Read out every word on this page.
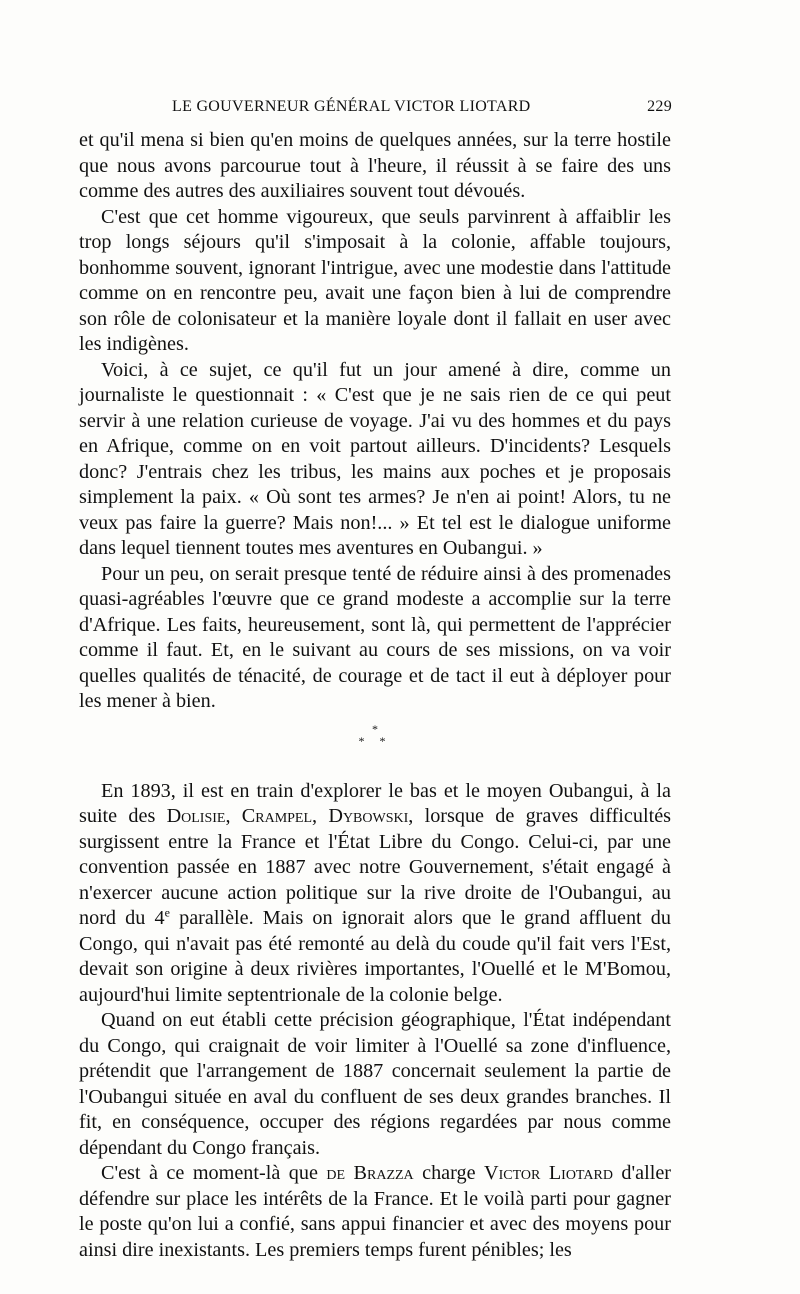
LE GOUVERNEUR GÉNÉRAL VICTOR LIOTARD	229

et qu'il mena si bien qu'en moins de quelques années, sur la terre hostile que nous avons parcourue tout à l'heure, il réussit à se faire des uns comme des autres des auxiliaires souvent tout dévoués.

C'est que cet homme vigoureux, que seuls parvinrent à affaiblir les trop longs séjours qu'il s'imposait à la colonie, affable toujours, bonhomme souvent, ignorant l'intrigue, avec une modestie dans l'attitude comme on en rencontre peu, avait une façon bien à lui de comprendre son rôle de colonisateur et la manière loyale dont il fallait en user avec les indigènes.

Voici, à ce sujet, ce qu'il fut un jour amené à dire, comme un journaliste le questionnait : « C'est que je ne sais rien de ce qui peut servir à une relation curieuse de voyage. J'ai vu des hommes et du pays en Afrique, comme on en voit partout ailleurs. D'incidents? Lesquels donc? J'entrais chez les tribus, les mains aux poches et je proposais simplement la paix. « Où sont tes armes? Je n'en ai point! Alors, tu ne veux pas faire la guerre? Mais non!... » Et tel est le dialogue uniforme dans lequel tiennent toutes mes aventures en Oubangui. »

Pour un peu, on serait presque tenté de réduire ainsi à des promenades quasi-agréables l'œuvre que ce grand modeste a accomplie sur la terre d'Afrique. Les faits, heureusement, sont là, qui permettent de l'apprécier comme il faut. Et, en le suivant au cours de ses missions, on va voir quelles qualités de ténacité, de courage et de tact il eut à déployer pour les mener à bien.

*
* *

En 1893, il est en train d'explorer le bas et le moyen Oubangui, à la suite des Dolisie, Crampel, Dybowski, lorsque de graves difficultés surgissent entre la France et l'État Libre du Congo. Celui-ci, par une convention passée en 1887 avec notre Gouvernement, s'était engagé à n'exercer aucune action politique sur la rive droite de l'Oubangui, au nord du 4e parallèle. Mais on ignorait alors que le grand affluent du Congo, qui n'avait pas été remonté au delà du coude qu'il fait vers l'Est, devait son origine à deux rivières importantes, l'Ouellé et le M'Bomou, aujourd'hui limite septentrionale de la colonie belge.

Quand on eut établi cette précision géographique, l'État indépendant du Congo, qui craignait de voir limiter à l'Ouellé sa zone d'influence, prétendit que l'arrangement de 1887 concernait seulement la partie de l'Oubangui située en aval du confluent de ses deux grandes branches. Il fit, en conséquence, occuper des régions regardées par nous comme dépendant du Congo français.

C'est à ce moment-là que de Brazza charge Victor Liotard d'aller défendre sur place les intérêts de la France. Et le voilà parti pour gagner le poste qu'on lui a confié, sans appui financier et avec des moyens pour ainsi dire inexistants. Les premiers temps furent pénibles; les
